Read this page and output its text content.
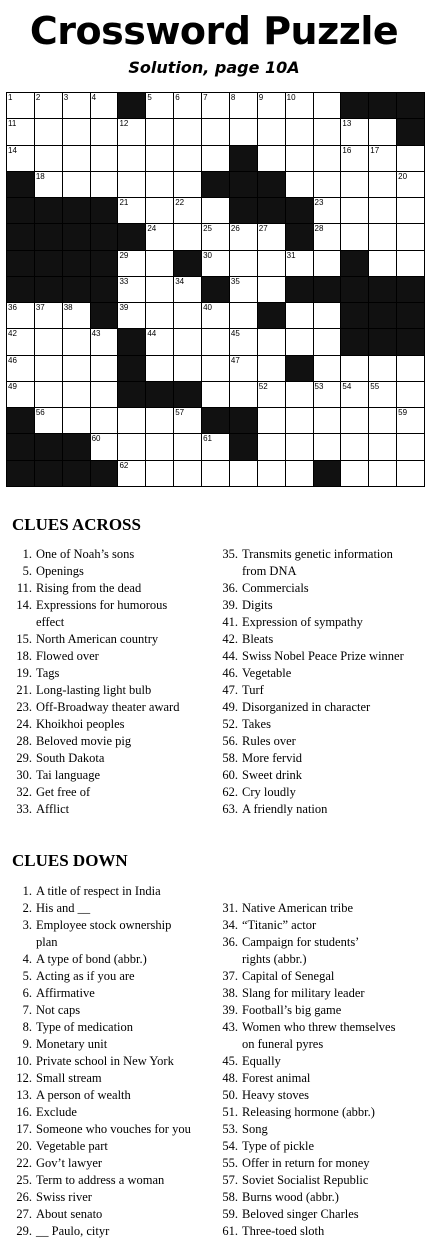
Crossword Puzzle
Solution, page 10A
1	2	3	4	5	6	7	8	9	10
11	12	13
14	16 17
18	20
21	22	23
24	25 26 27	28
29	30	31
33	34	35
36 37 38	39	40
42	43	44	45
46	47
49	52	53 54 55
56	57	59
60	61
62
CLUES ACROSS
1. One of Noah’s sons
5. Openings
11. Rising from the dead
14. Expressions for humorous
effect
15. North American country
18. Flowed over
19. Tags
21. Long-lasting light bulb
23. Off-Broadway theater award
24. Khoikhoi peoples
28. Beloved movie pig
29. South Dakota
30. Tai language
32. Get free of
33. Afflict
35. Transmits genetic information
from DNA
36. Commercials
39. Digits
41. Expression of sympathy
42. Bleats
44. Swiss Nobel Peace Prize winner
46. Vegetable
47. Turf
49. Disorganized in character
52. Takes
56. Rules over
58. More fervid
60. Sweet drink
62. Cry loudly
63. A friendly nation
CLUES DOWN
1. A title of respect in India
2. His and __
3. Employee stock ownership
plan
4. A type of bond (abbr.)
5. Acting as if you are
6. Affirmative
7. Not caps
8. Type of medication
9. Monetary unit
10. Private school in New York
12. Small stream
13. A person of wealth
16. Exclude
17. Someone who vouches for you
20. Vegetable part
22. Gov’t lawyer
25. Term to address a woman
26. Swiss river
27. About senato
29. __ Paulo, cityr
31. Native American tribe
34. “Titanic” actor
36. Campaign for students’
rights (abbr.)
37. Capital of Senegal
38. Slang for military leader
39. Football’s big game
43. Women who threw themselves
on funeral pyres
45. Equally
48. Forest animal
50. Heavy stoves
51. Releasing hormone (abbr.)
53. Song
54. Type of pickle
55. Offer in return for money
57. Soviet Socialist Republic
58. Burns wood (abbr.)
59. Beloved singer Charles
61. Three-toed sloth
